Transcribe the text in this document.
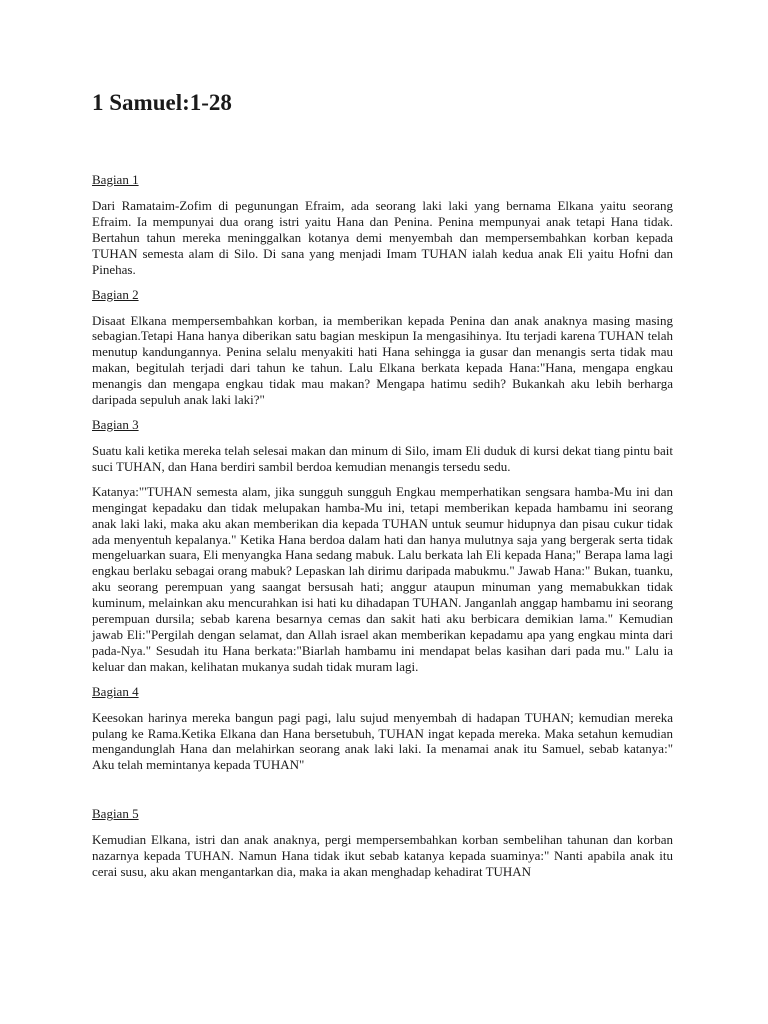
1 Samuel:1-28
Bagian 1

Dari Ramataim-Zofim di pegunungan Efraim, ada seorang laki laki yang bernama Elkana yaitu seorang Efraim. Ia mempunyai dua orang istri yaitu Hana dan Penina. Penina mempunyai anak tetapi Hana tidak. Bertahun tahun mereka meninggalkan kotanya demi menyembah dan mempersembahkan korban kepada TUHAN semesta alam di Silo. Di sana yang menjadi Imam TUHAN ialah kedua anak Eli yaitu Hofni dan Pinehas.

Bagian 2

Disaat Elkana mempersembahkan korban, ia memberikan kepada Penina dan anak anaknya masing masing sebagian.Tetapi Hana hanya diberikan satu bagian meskipun Ia mengasihinya. Itu terjadi karena TUHAN telah menutup kandungannya. Penina selalu menyakiti hati Hana sehingga ia gusar dan menangis serta tidak mau makan, begitulah terjadi dari tahun ke tahun. Lalu Elkana berkata kepada Hana:"Hana, mengapa engkau menangis dan mengapa engkau tidak mau makan? Mengapa hatimu sedih? Bukankah aku lebih berharga daripada sepuluh anak laki laki?"

Bagian 3

Suatu kali ketika mereka telah selesai makan dan minum di Silo, imam Eli duduk di kursi dekat tiang pintu bait suci TUHAN, dan Hana berdiri sambil berdoa kemudian menangis tersedu sedu.

Katanya:"'TUHAN semesta alam, jika sungguh sungguh Engkau memperhatikan sengsara hamba-Mu ini dan mengingat kepadaku dan tidak melupakan hamba-Mu ini, tetapi memberikan kepada hambamu ini seorang anak laki laki, maka aku akan memberikan dia kepada TUHAN untuk seumur hidupnya dan pisau cukur tidak ada menyentuh kepalanya." Ketika Hana berdoa dalam hati dan hanya mulutnya saja yang bergerak serta tidak mengeluarkan suara, Eli menyangka Hana sedang mabuk. Lalu berkata lah Eli kepada Hana;" Berapa lama lagi engkau berlaku sebagai orang mabuk? Lepaskan lah dirimu daripada mabukmu." Jawab Hana:" Bukan, tuanku, aku seorang perempuan yang saangat bersusah hati; anggur ataupun minuman yang memabukkan tidak kuminum, melainkan aku mencurahkan isi hati ku dihadapan TUHAN. Janganlah anggap hambamu ini seorang perempuan dursila; sebab karena besarnya cemas dan sakit hati aku berbicara demikian lama." Kemudian jawab Eli:"Pergilah dengan selamat, dan Allah israel akan memberikan kepadamu apa yang engkau minta dari pada-Nya." Sesudah itu Hana berkata:"Biarlah hambamu ini mendapat belas kasihan dari pada mu." Lalu ia keluar dan makan, kelihatan mukanya sudah tidak muram lagi.

Bagian 4

Keesokan harinya mereka bangun pagi pagi, lalu sujud menyembah di hadapan TUHAN; kemudian mereka pulang ke Rama.Ketika Elkana dan Hana bersetubuh, TUHAN ingat kepada mereka. Maka setahun kemudian mengandunglah Hana dan melahirkan seorang anak laki laki. Ia menamai anak itu Samuel, sebab katanya:" Aku telah memintanya kepada TUHAN"

Bagian 5

Kemudian Elkana, istri dan anak anaknya, pergi mempersembahkan korban sembelihan tahunan dan korban nazarnya kepada TUHAN. Namun Hana tidak ikut sebab katanya kepada suaminya:" Nanti apabila anak itu cerai susu, aku akan mengantarkan dia, maka ia akan menghadap kehadirat TUHAN
